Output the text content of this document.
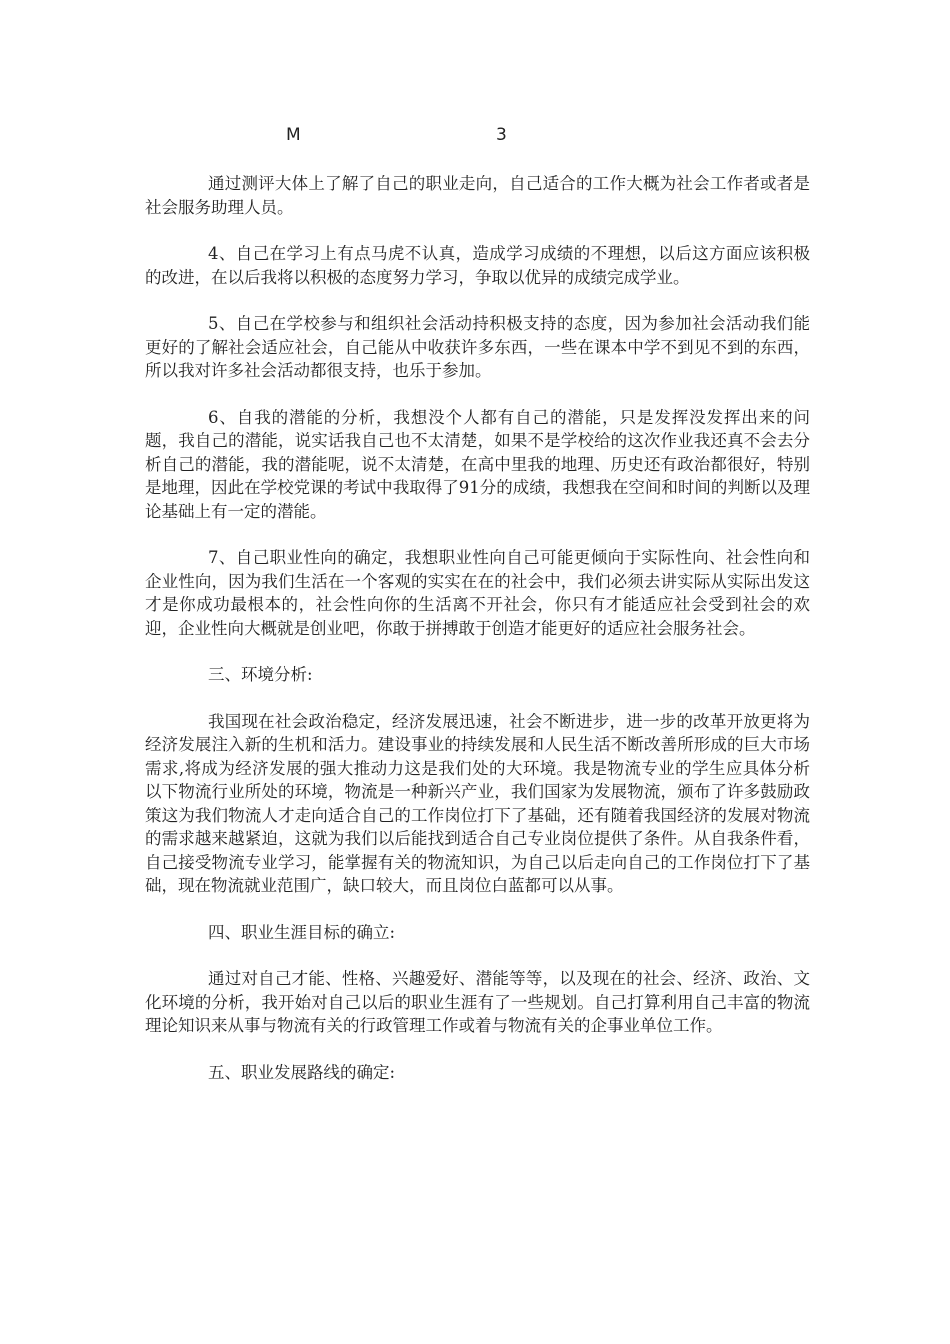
M	3

通过测评大体上了解了自己的职业走向，自己适合的工作大概为社会工作者或者是社会服务助理人员。

4、自己在学习上有点马虎不认真，造成学习成绩的不理想，以后这方面应该积极的改进，在以后我将以积极的态度努力学习，争取以优异的成绩完成学业。

5、自己在学校参与和组织社会活动持积极支持的态度，因为参加社会活动我们能更好的了解社会适应社会，自己能从中收获许多东西，一些在课本中学不到见不到的东西，所以我对许多社会活动都很支持，也乐于参加。

6、自我的潜能的分析，我想没个人都有自己的潜能，只是发挥没发挥出来的问题，我自己的潜能，说实话我自己也不太清楚，如果不是学校给的这次作业我还真不会去分析自己的潜能，我的潜能呢，说不太清楚，在高中里我的地理、历史还有政治都很好，特别是地理，因此在学校党课的考试中我取得了91分的成绩，我想我在空间和时间的判断以及理论基础上有一定的潜能。

7、自己职业性向的确定，我想职业性向自己可能更倾向于实际性向、社会性向和企业性向，因为我们生活在一个客观的实实在在的社会中，我们必须去讲实际从实际出发这才是你成功最根本的，社会性向你的生活离不开社会，你只有才能适应社会受到社会的欢迎，企业性向大概就是创业吧，你敢于拼搏敢于创造才能更好的适应社会服务社会。

三、环境分析:

我国现在社会政治稳定，经济发展迅速，社会不断进步，进一步的改革开放更将为经济发展注入新的生机和活力。建设事业的持续发展和人民生活不断改善所形成的巨大市场需求,将成为经济发展的强大推动力这是我们处的大环境。我是物流专业的学生应具体分析以下物流行业所处的环境，物流是一种新兴产业，我们国家为发展物流，颁布了许多鼓励政策这为我们物流人才走向适合自己的工作岗位打下了基础，还有随着我国经济的发展对物流的需求越来越紧迫，这就为我们以后能找到适合自己专业岗位提供了条件。从自我条件看，自己接受物流专业学习，能掌握有关的物流知识，为自己以后走向自己的工作岗位打下了基础，现在物流就业范围广，缺口较大，而且岗位白蓝都可以从事。

四、职业生涯目标的确立:

通过对自己才能、性格、兴趣爱好、潜能等等，以及现在的社会、经济、政治、文化环境的分析，我开始对自己以后的职业生涯有了一些规划。自己打算利用自己丰富的物流理论知识来从事与物流有关的行政管理工作或着与物流有关的企事业单位工作。

五、职业发展路线的确定:
